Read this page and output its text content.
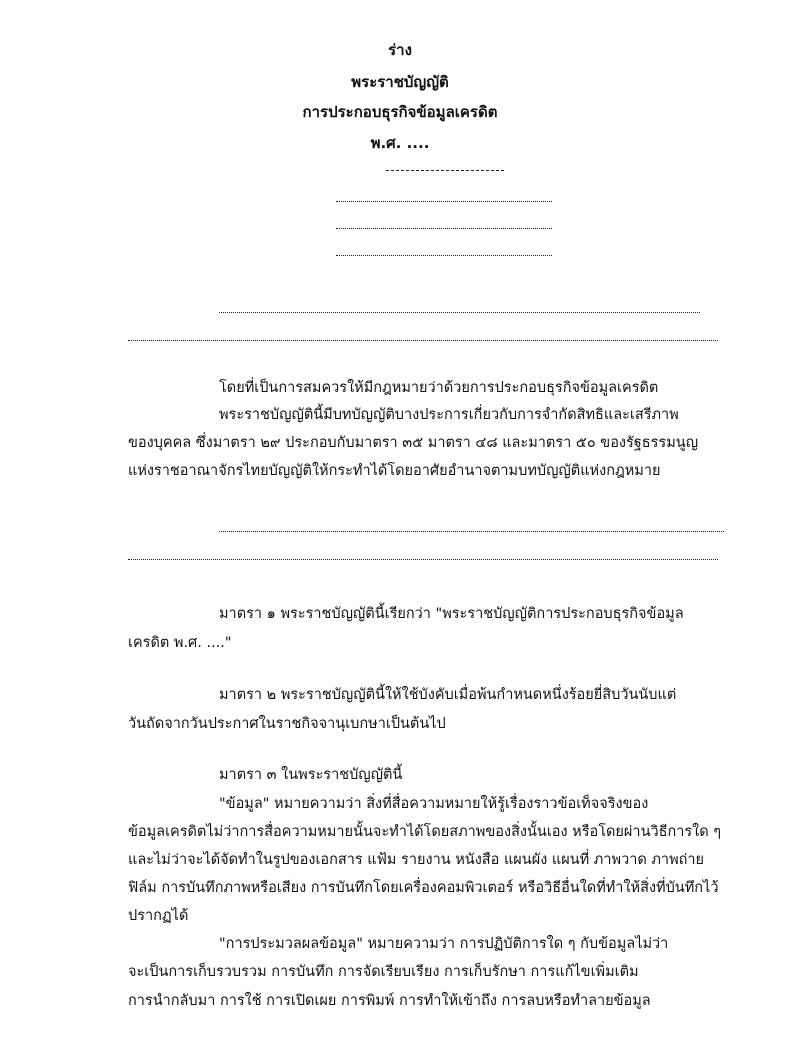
ร่าง
พระราชบัญญัติ
การประกอบธุรกิจข้อมูลเครดิต
พ.ศ. ....
โดยที่เป็นการสมควรให้มีกฎหมายว่าด้วยการประกอบธุรกิจข้อมูลเครดิต
พระราชบัญญัตินี้มีบทบัญญัติบางประการเกี่ยวกับการจำกัดสิทธิและเสรีภาพ
ของบุคคล ซึ่งมาตรา ๒๙ ประกอบกับมาตรา ๓๕ มาตรา ๔๘ และมาตรา ๕๐ ของรัฐธรรมนูญ
แห่งราชอาณาจักรไทยบัญญัติให้กระทำได้โดยอาศัยอำนาจตามบทบัญญัติแห่งกฎหมาย
มาตรา ๑ พระราชบัญญัตินี้เรียกว่า "พระราชบัญญัติการประกอบธุรกิจข้อมูล
เครดิต พ.ศ. ...."
มาตรา ๒ พระราชบัญญัตินี้ให้ใช้บังคับเมื่อพ้นกำหนดหนึ่งร้อยยี่สิบวันนับแต่
วันถัดจากวันประกาศในราชกิจจานุเบกษาเป็นต้นไป
มาตรา ๓ ในพระราชบัญญัตินี้
"ข้อมูล" หมายความว่า สิ่งที่สื่อความหมายให้รู้เรื่องราวข้อเท็จจริงของ
ข้อมูลเครดิตไม่ว่าการสื่อความหมายนั้นจะทำได้โดยสภาพของสิ่งนั้นเอง หรือโดยผ่านวิธีการใด ๆ
และไม่ว่าจะได้จัดทำในรูปของเอกสาร แฟ้ม รายงาน หนังสือ แผนผัง แผนที่ ภาพวาด ภาพถ่าย
ฟิล์ม การบันทึกภาพหรือเสียง การบันทึกโดยเครื่องคอมพิวเตอร์ หรือวิธีอื่นใดที่ทำให้สิ่งที่บันทึกไว้
ปรากฏได้
"การประมวลผลข้อมูล" หมายความว่า การปฏิบัติการใด ๆ กับข้อมูลไม่ว่า
จะเป็นการเก็บรวบรวม การบันทึก การจัดเรียบเรียง การเก็บรักษา การแก้ไขเพิ่มเติม
การนำกลับมา การใช้ การเปิดเผย การพิมพ์ การทำให้เข้าถึง การลบหรือทำลายข้อมูล
